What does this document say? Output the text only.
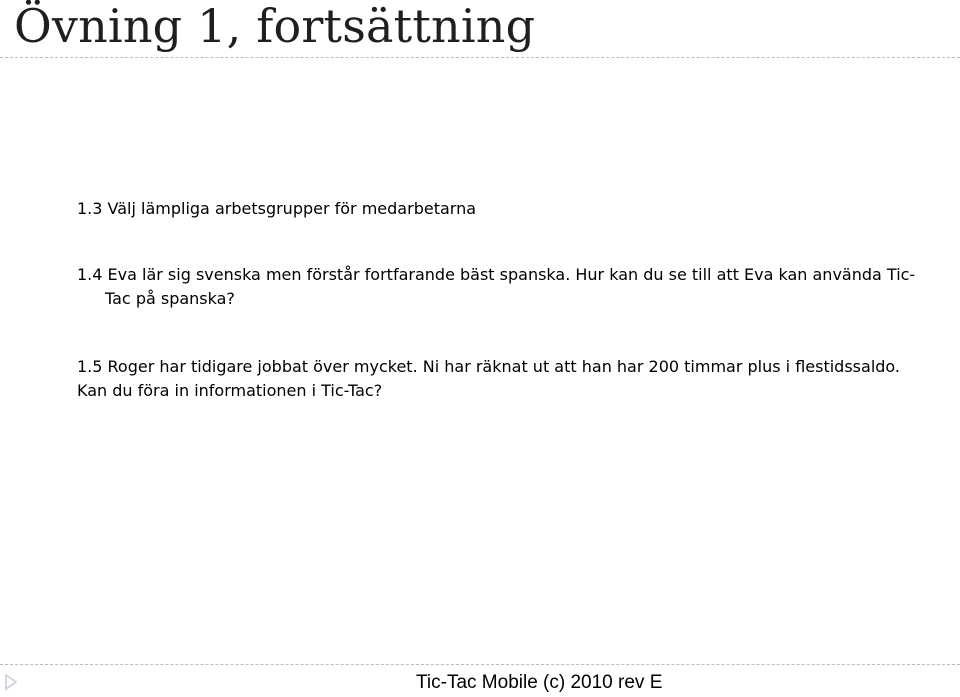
Övning 1, fortsättning
1.3 Välj lämpliga arbetsgrupper för medarbetarna
1.4 Eva lär sig svenska men förstår fortfarande bäst spanska. Hur kan du se till att Eva kan använda Tic-
Tac på spanska?
1.5 Roger har tidigare jobbat över mycket. Ni har räknat ut att han har 200 timmar plus i flestidssaldo.
Kan du föra in informationen i Tic-Tac?
Tic-Tac Mobile (c) 2010 rev E
